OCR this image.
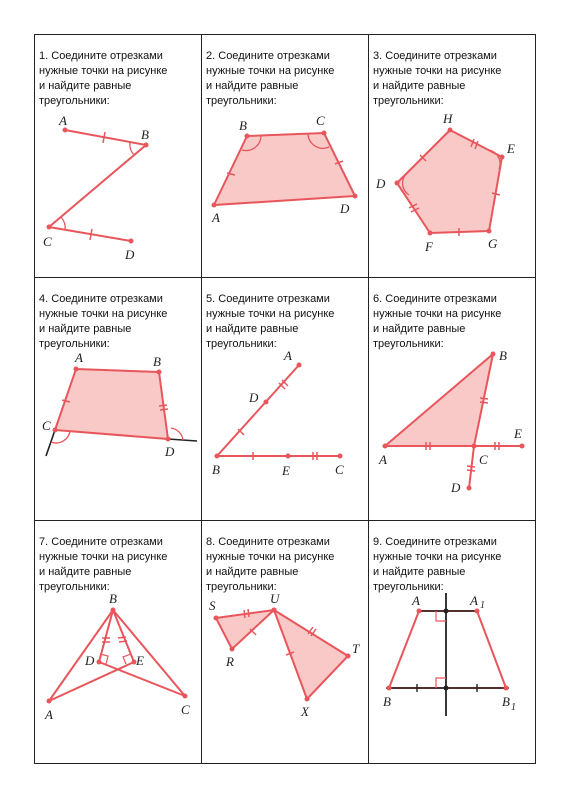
1. Соедините отрезками
нужные точки на рисунке
и найдите равные
треугольники:
A
B
C
D
2. Соедините отрезками
нужные точки на рисунке
и найдите равные
треугольники:
A
B	C
D
3. Соедините отрезками
нужные точки на рисунке
и найдите равные
треугольники:
D
H
E
G
F
4. Соедините отрезками
нужные точки на рисунке
и найдите равные
треугольники:
A	B
C
D
5. Соедините отрезками
нужные точки на рисунке
и найдите равные
треугольники:
A
D
B	E	C
6. Соедините отрезками
нужные точки на рисунке
и найдите равные
треугольники:
A
B
C
E
D
7. Соедините отрезками
нужные точки на рисунке
и найдите равные
треугольники:
B
A	C
D	E
8. Соедините отрезками
нужные точки на рисунке
и найдите равные
треугольники:
S	U
R
T
X
9. Соедините отрезками
нужные точки на рисунке
и найдите равные
треугольники:
A	A 1
B	B 1
